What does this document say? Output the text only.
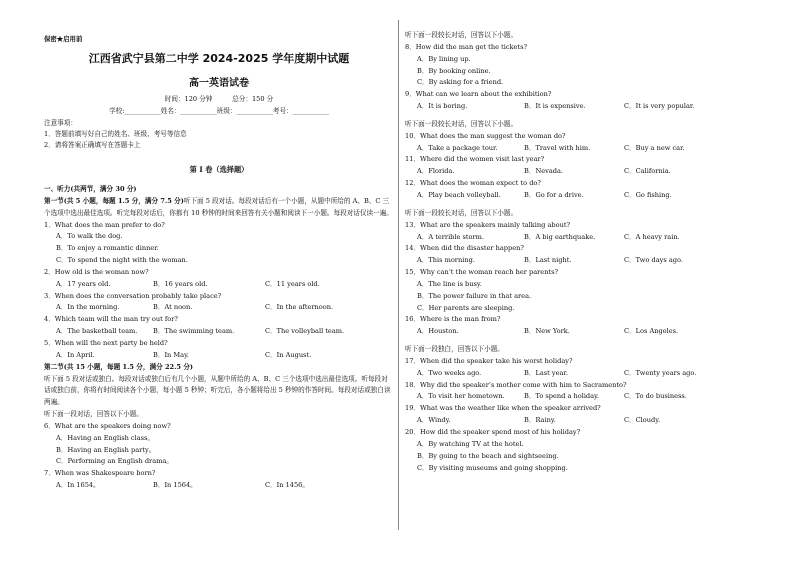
保密★启用前
江西省武宁县第二中学 2024-2025 学年度期中试题
高一英语试卷
时间：120 分钟　　　总分：150 分
学校:___________姓名：___________班级：___________考号：___________
注意事项：
1．答题前填写好自己的姓名、班级、考号等信息
2．请将答案正确填写在答题卡上
第 I 卷（选择题）
一、听力(共两节，满分 30 分)
第一节(共 5 小题，每题 1.5 分，满分 7.5 分)听下面 5 段对话。每段对话后有一个小题，从题中所给的 A、B、C 三个选项中选出最佳选项。听完每段对话后，你都有 10 秒钟的时间来回答有关小题和阅读下一小题。每段对话仅读一遍。
1．What does the man prefer to do?
A．To walk the dog.
B．To enjoy a romantic dinner.
C．To spend the night with the woman.
2．How old is the woman now?
A．17 years old.	B．16 years old.	C．11 years old.
3．When does the conversation probably take place?
A．In the morning.	B．At noon.	C．In the afternoon.
4．Which team will the man try out for?
A．The basketball team.	B．The swimming team.	C．The volleyball team.
5．When will the next party be held?
A．In April.	B．In May.	C．In August.
第二节(共 15 小题，每题 1.5 分，满分 22.5 分)
听下面 5 段对话或独白。每段对话或独白后有几个小题，从题中所给的 A、B、C 三个选项中选出最佳选项。听每段对话或独白前，你将有时间阅读各个小题，每小题 5 秒钟；听完后，各小题将给出 5 秒钟的作答时间。每段对话或独白读两遍。
听下面一段对话，回答以下小题。
6．What are the speakers doing now?
A．Having an English class。
B．Having an English party。
C．Performing an English drama。
7．When was Shakespeare born?
A．In 1654。	B．In 1564。	C．In 1456。
听下面一段较长对话，回答以下小题。
8．How did the man get the tickets?
A．By lining up.
B．By booking online.
C．By asking for a friend.
9．What can we learn about the exhibition?
A．It is boring.	B．It is expensive.	C．It is very popular.
听下面一段较长对话，回答以下小题。
10．What does the man suggest the woman do?
A．Take a package tour.	B．Travel with him.	C．Buy a new car.
11．Where did the women visit last year?
A．Florida.	B．Nevada.	C．California.
12．What does the woman expect to do?
A．Play beach volleyball.	B．Go for a drive.	C．Go fishing.
听下面一段较长对话，回答以下小题。
13．What are the speakers mainly talking about?
A．A terrible storm.	B．A big earthquake.	C．A heavy rain.
14．When did the disaster happen?
A．This morning.	B．Last night.	C．Two days ago.
15．Why can’t the woman reach her parents?
A．The line is busy.
B．The power failure in that area.
C．Her parents are sleeping.
16．Where is the man from?
A．Houston.	B．New York.	C．Los Angeles.
听下面一段独白，回答以下小题。
17．When did the speaker take his worst holiday?
A．Two weeks ago.	B．Last year.	C．Twenty years ago.
18．Why did the speaker’s mother come with him to Sacramento?
A．To visit her hometown.	B．To spend a holiday.	C．To do business.
19．What was the weather like when the speaker arrived?
A．Windy.	B．Rainy.	C．Cloudy.
20．How did the speaker spend most of his holiday?
A．By watching TV at the hotel.
B．By going to the beach and sightseeing.
C．By visiting museums and going shopping.
